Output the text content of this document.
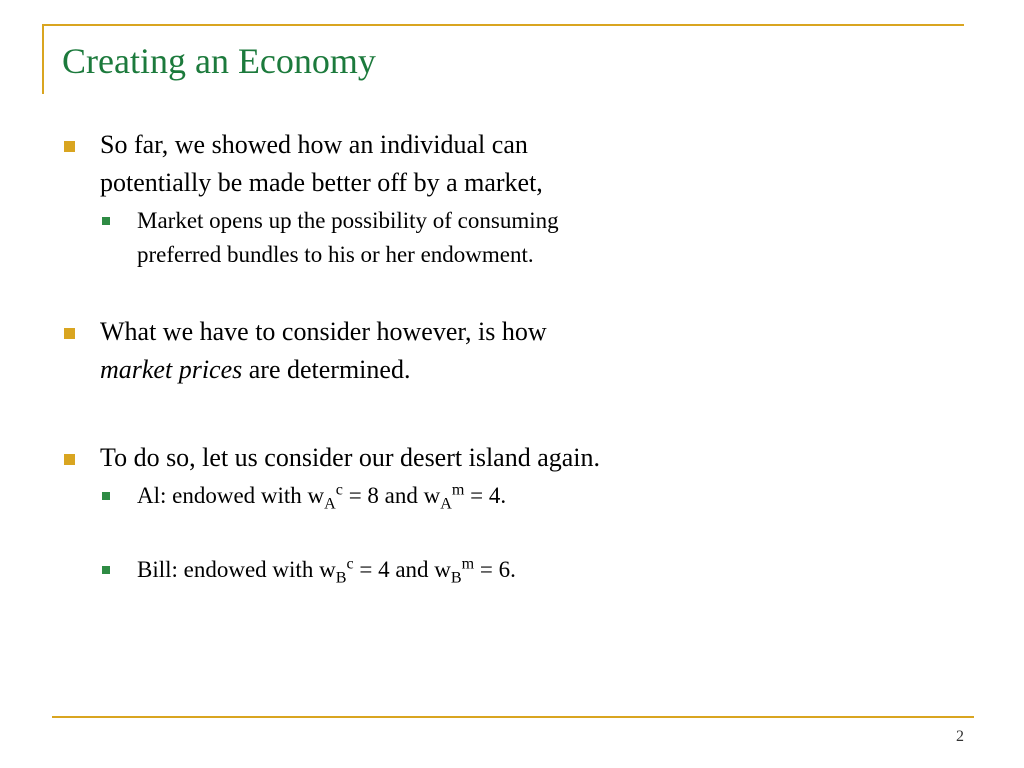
Creating an Economy
So far, we showed how an individual can
potentially be made better off by a market,
Market opens up the possibility of consuming
preferred bundles to his or her endowment.
What we have to consider however, is how
market prices are determined.
To do so, let us consider our desert island again.
Al: endowed with $w_A^c = 8$ and $w_A^m = 4$.
Bill: endowed with $w_B^c = 4$ and $w_B^m = 6$.
2
